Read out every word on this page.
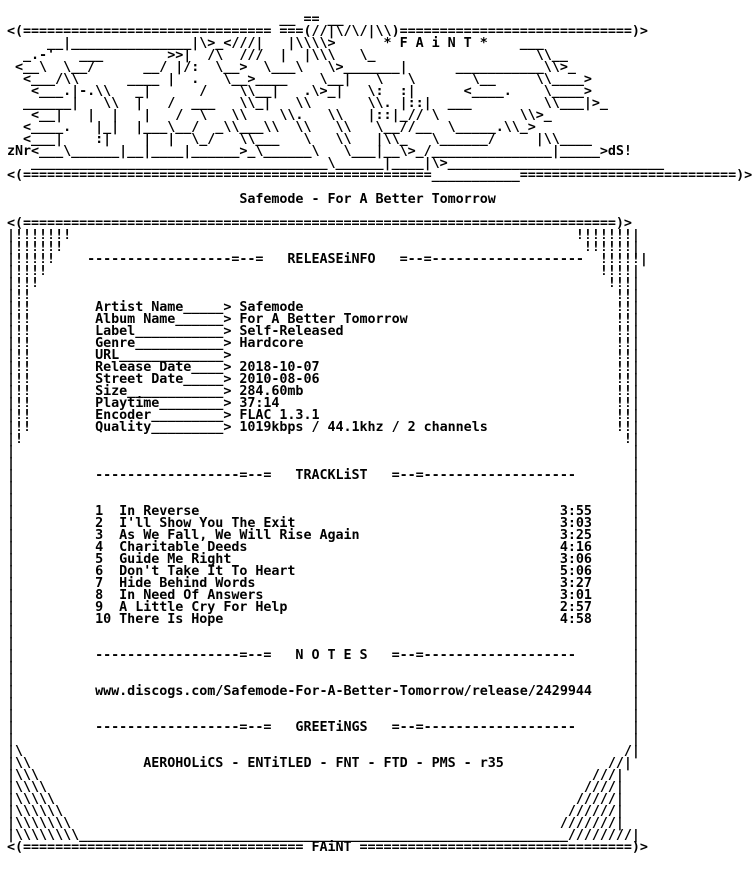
__ == __
<(=============================== ===(//|\/\/|\\)=============================)>
__|_______________|\>_<///|   |\\\\>      * F A i N T *    ___
_.-'   ___        >>|  /\  ///  |  |\\\   \_                    \\__
<__\  \__/      __/ |/:  \__>  \___\   \>_______|      ___________\\>_
<___/\\      ____ |  .   \__>____    \__|   \   \       \__     \\____>
<___.|-.\\   _|      /    \\__|   .\>_|   \:  :|      <____.    \____>
______|   \\  |   /  ___   \\_|   \\       \\. |::|  ___         \\___|>_
<__|   |  |   |   /  \   \\    \\.   \\   |::|_// \          \\>_
<____.   |_|  |___\__/  _\\___\\  \\   \\   \__//__  \_____.\\_>
<___|    :|    |  |  \_/   \\___   \   \\   |\\_   \______/     |\\____
zNr<___\______|__|____|______>_\______\   \___|__\>_/_______________|_____>dS!
_____________________________________\______|____|\>___________________________
<(===================================================___________===========================)>
Safemode - For A Better Tomorrow
<(==========================================================================)>
|!!!!!!!                                                               !!!!!!!|
|!!!!!!                                                                 !!!!!!|
|!!!!!    ------------------=--=   RELEASEiNFO   =--=-------------------  !!!!!|
|!!!!                                                                     !!!!|
|!!!                                                                       !!!|
|!!                                                                         !!|
|!!        Artist Name_____> Safemode                                       !!|
|!!        Album Name______> For A Better Tomorrow                          !!|
|!!        Label___________> Self-Released                                  !!|
|!!        Genre___________> Hardcore                                       !!|
|!!        URL_____________>                                                !!|
|!!        Release Date____> 2018-10-07                                     !!|
|!!        Street Date_____> 2010-08-06                                     !!|
|!!        Size____________> 284.60mb                                       !!|
|!!        Playtime________> 37:14                                          !!|
|!!        Encoder_________> FLAC 1.3.1                                     !!|
|!!        Quality_________> 1019kbps / 44.1khz / 2 channels                !!|
|!                                                                           !|
|                                                                             |
|                                                                             |
|          ------------------=--=   TRACKLiST   =--=-------------------       |
|                                                                             |
|                                                                             |
|          1  In Reverse                                             3:55     |
|          2  I'll Show You The Exit                                 3:03     |
|          3  As We Fall, We Will Rise Again                         3:25     |
|          4  Charitable Deeds                                       4:16     |
|          5  Guide Me Right                                         3:06     |
|          6  Don't Take It To Heart                                 5:06     |
|          7  Hide Behind Words                                      3:27     |
|          8  In Need Of Answers                                     3:01     |
|          9  A Little Cry For Help                                  2:57     |
|          10 There Is Hope                                          4:58     |
|                                                                             |
|                                                                             |
|          ------------------=--=   N O T E S   =--=-------------------       |
|                                                                             |
|                                                                             |
|          www.discogs.com/Safemode-For-A-Better-Tomorrow/release/2429944     |
|                                                                             |
|                                                                             |
|          ------------------=--=   GREETiNGS   =--=-------------------       |
|                                                                             |
|\                                                                           /|
|\\              AEROHOLiCS - ENTiTLED - FNT - FTD - PMS - r35             //|
|\\\                                                                     ///|
|\\\\                                                                   ////|
|\\\\\                                                                 /////|
|\\\\\\                                                               //////|
|\\\\\\\                                                             ///////|
|\\\\\\\\_____________________________________________________________////////|
<(=================================== FAiNT ==================================)>
